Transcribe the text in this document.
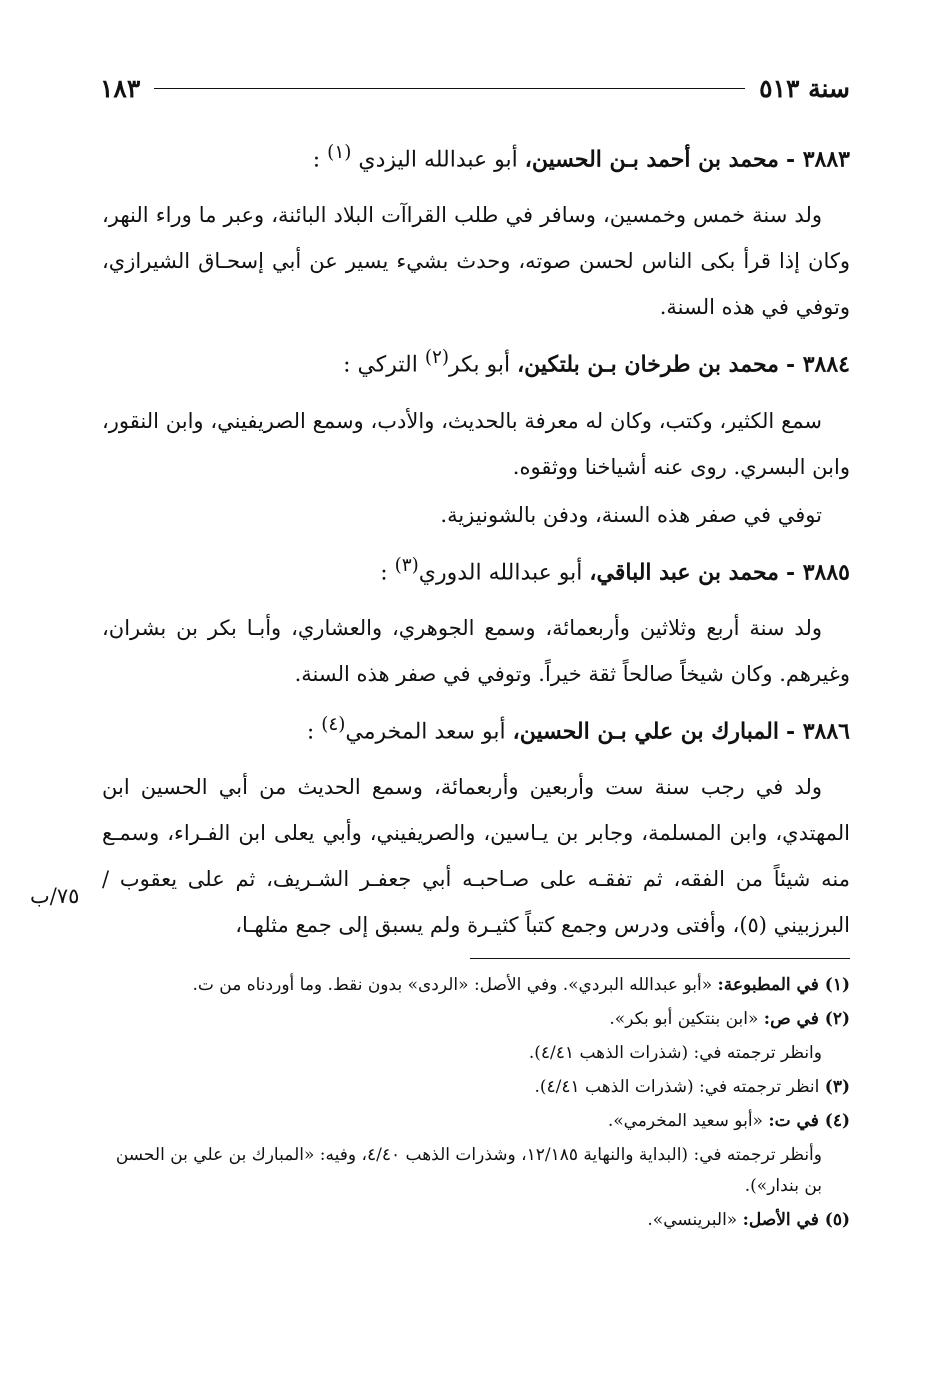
سنة ٥١٣
١٨٣
٣٨٨٣ - محمد بن أحمد بـن الحسين، أبو عبدالله اليزدي $^{(١)}$ :

ولد سنة خمس وخمسين، وسافر في طلب القراآت البلاد البائنة، وعبر ما وراء النهر، وكان إذا قرأ بكى الناس لحسن صوته، وحدث بشيء يسير عن أبي إسحـاق الشيرازي، وتوفي في هذه السنة.

٣٨٨٤ - محمد بن طرخان بـن بلتكين، أبو بكر$^{(٢)}$ التركي :

سمع الكثير، وكتب، وكان له معرفة بالحديث، والأدب، وسمع الصريفيني، وابن النقور، وابن البسري. روى عنه أشياخنا ووثقوه.

توفي في صفر هذه السنة، ودفن بالشونيزية.

٣٨٨٥ - محمد بن عبد الباقي، أبو عبدالله الدوري$^{(٣)}$ :

ولد سنة أربع وثلاثين وأربعمائة، وسمع الجوهري، والعشاري، وأبـا بكر بن بشران، وغيرهم. وكان شيخاً صالحاً ثقة خيراً. وتوفي في صفر هذه السنة.

٣٨٨٦ - المبارك بن علي بـن الحسين، أبو سعد المخرمي$^{(٤)}$ :

ولد في رجب سنة ست وأربعين وأربعمائة، وسمع الحديث من أبي الحسين ابن المهتدي، وابن المسلمة، وجابر بن يـاسين، والصريفيني، وأبي يعلى ابن الفـراء، وسمـع منه شيئاً من الفقه، ثم تفقـه على صـاحبـه أبي جعفـر الشـريف، ثم على يعقوب / البرزبيني (٥)، وأفتى ودرس وجمع كتباً كثيـرة ولم يسبق إلى جمع مثلهـا،

٧٥/ب
(١) في المطبوعة: «أبو عبدالله البردي». وفي الأصل: «الردى» بدون نقط. وما أوردناه من ت.
(٢) في ص: «ابن بنتكين أبو بكر».
وانظر ترجمته في: (شذرات الذهب ٤/٤١).
(٣) انظر ترجمته في: (شذرات الذهب ٤/٤١).
(٤) في ت: «أبو سعيد المخرمي».
وأنظر ترجمته في: (البداية والنهاية ١٢/١٨٥، وشذرات الذهب ٤/٤٠، وفيه: «المبارك بن علي بن الحسن بن بندار»).
(٥) في الأصل: «البرينسي».
